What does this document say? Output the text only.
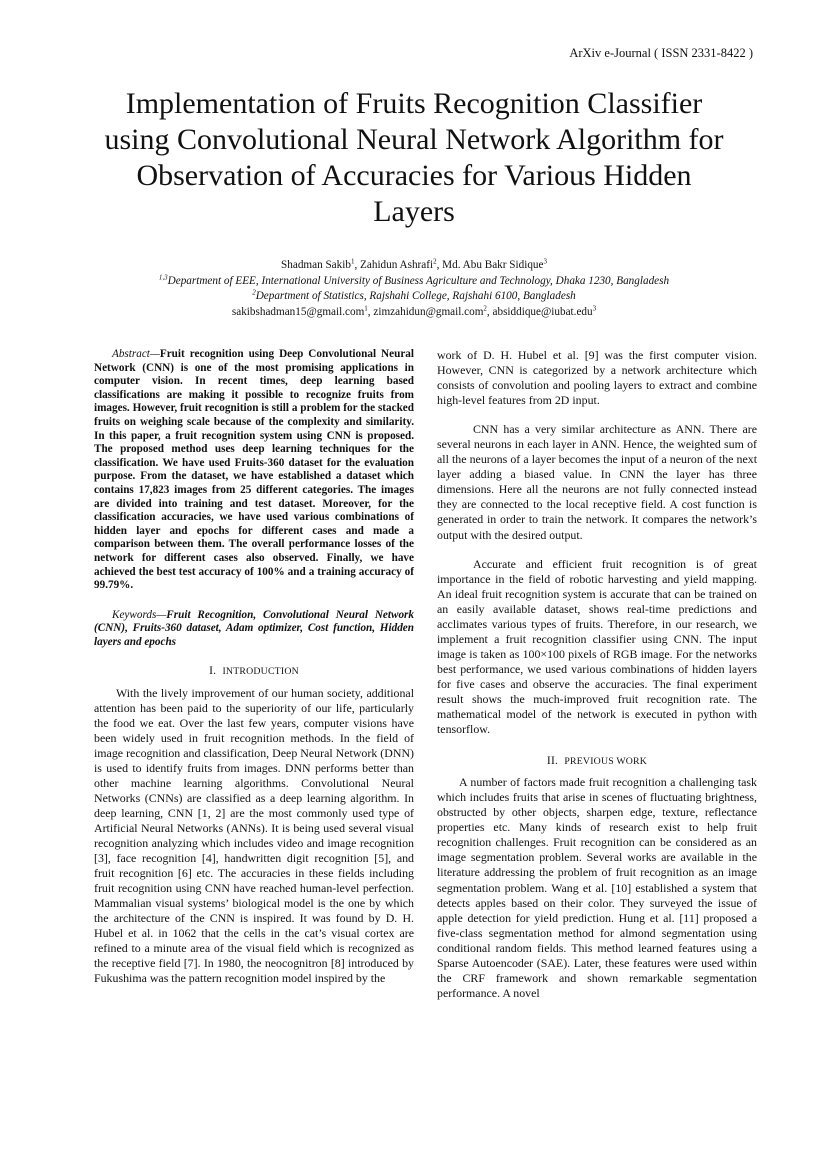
ArXiv e-Journal ( ISSN 2331-8422 )
Implementation of Fruits Recognition Classifier
using Convolutional Neural Network Algorithm for
Observation of Accuracies for Various Hidden
Layers
Shadman Sakib$^1$, Zahidun Ashrafi$^2$, Md. Abu Bakr Sidique$^3$
$^{1,3}$Department of EEE, International University of Business Agriculture and Technology, Dhaka 1230, Bangladesh
$^2$Department of Statistics, Rajshahi College, Rajshahi 6100, Bangladesh
sakibshadman15@gmail.com$^1$, zimzahidun@gmail.com$^2$, absiddique@iubat.edu$^3$

Abstract—Fruit recognition using Deep Convolutional Neural Network (CNN) is one of the most promising applications in computer vision. In recent times, deep learning based classifications are making it possible to recognize fruits from images. However, fruit recognition is still a problem for the stacked fruits on weighing scale because of the complexity and similarity. In this paper, a fruit recognition system using CNN is proposed. The proposed method uses deep learning techniques for the classification. We have used Fruits-360 dataset for the evaluation purpose. From the dataset, we have established a dataset which contains 17,823 images from 25 different categories. The images are divided into training and test dataset. Moreover, for the classification accuracies, we have used various combinations of hidden layer and epochs for different cases and made a comparison between them. The overall performance losses of the network for different cases also observed. Finally, we have achieved the best test accuracy of 100% and a training accuracy of 99.79%.

Keywords—Fruit Recognition, Convolutional Neural Network (CNN), Fruits-360 dataset, Adam optimizer, Cost function, Hidden layers and epochs

I. INTRODUCTION

With the lively improvement of our human society, additional attention has been paid to the superiority of our life, particularly the food we eat. Over the last few years, computer visions have been widely used in fruit recognition methods. In the field of image recognition and classification, Deep Neural Network (DNN) is used to identify fruits from images. DNN performs better than other machine learning algorithms. Convolutional Neural Networks (CNNs) are classified as a deep learning algorithm. In deep learning, CNN [1, 2] are the most commonly used type of Artificial Neural Networks (ANNs). It is being used several visual recognition analyzing which includes video and image recognition [3], face recognition [4], handwritten digit recognition [5], and fruit recognition [6] etc. The accuracies in these fields including fruit recognition using CNN have reached human-level perfection. Mammalian visual systems’ biological model is the one by which the architecture of the CNN is inspired. It was found by D. H. Hubel et al. in 1062 that the cells in the cat’s visual cortex are refined to a minute area of the visual field which is recognized as the receptive field [7]. In 1980, the neocognitron [8] introduced by Fukushima was the pattern recognition model inspired by the

work of D. H. Hubel et al. [9] was the first computer vision. However, CNN is categorized by a network architecture which consists of convolution and pooling layers to extract and combine high-level features from 2D input.

CNN has a very similar architecture as ANN. There are several neurons in each layer in ANN. Hence, the weighted sum of all the neurons of a layer becomes the input of a neuron of the next layer adding a biased value. In CNN the layer has three dimensions. Here all the neurons are not fully connected instead they are connected to the local receptive field. A cost function is generated in order to train the network. It compares the network’s output with the desired output.

Accurate and efficient fruit recognition is of great importance in the field of robotic harvesting and yield mapping. An ideal fruit recognition system is accurate that can be trained on an easily available dataset, shows real-time predictions and acclimates various types of fruits. Therefore, in our research, we implement a fruit recognition classifier using CNN. The input image is taken as 100×100 pixels of RGB image. For the networks best performance, we used various combinations of hidden layers for five cases and observe the accuracies. The final experiment result shows the much-improved fruit recognition rate. The mathematical model of the network is executed in python with tensorflow.

II. PREVIOUS WORK

A number of factors made fruit recognition a challenging task which includes fruits that arise in scenes of fluctuating brightness, obstructed by other objects, sharpen edge, texture, reflectance properties etc. Many kinds of research exist to help fruit recognition challenges. Fruit recognition can be considered as an image segmentation problem. Several works are available in the literature addressing the problem of fruit recognition as an image segmentation problem. Wang et al. [10] established a system that detects apples based on their color. They surveyed the issue of apple detection for yield prediction. Hung et al. [11] proposed a five-class segmentation method for almond segmentation using conditional random fields. This method learned features using a Sparse Autoencoder (SAE). Later, these features were used within the CRF framework and shown remarkable segmentation performance. A novel
